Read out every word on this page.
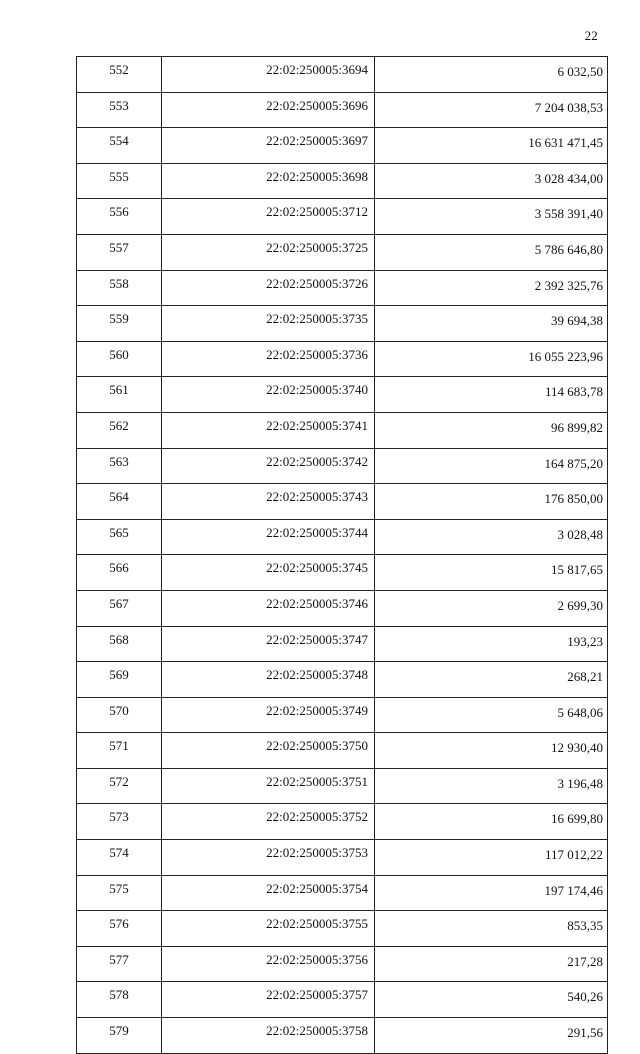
22
552	22:02:250005:3694	6 032,50
553	22:02:250005:3696	7 204 038,53
554	22:02:250005:3697	16 631 471,45
555	22:02:250005:3698	3 028 434,00
556	22:02:250005:3712	3 558 391,40
557	22:02:250005:3725	5 786 646,80
558	22:02:250005:3726	2 392 325,76
559	22:02:250005:3735	39 694,38
560	22:02:250005:3736	16 055 223,96
561	22:02:250005:3740	114 683,78
562	22:02:250005:3741	96 899,82
563	22:02:250005:3742	164 875,20
564	22:02:250005:3743	176 850,00
565	22:02:250005:3744	3 028,48
566	22:02:250005:3745	15 817,65
567	22:02:250005:3746	2 699,30
568	22:02:250005:3747	193,23
569	22:02:250005:3748	268,21
570	22:02:250005:3749	5 648,06
571	22:02:250005:3750	12 930,40
572	22:02:250005:3751	3 196,48
573	22:02:250005:3752	16 699,80
574	22:02:250005:3753	117 012,22
575	22:02:250005:3754	197 174,46
576	22:02:250005:3755	853,35
577	22:02:250005:3756	217,28
578	22:02:250005:3757	540,26
579	22:02:250005:3758	291,56
